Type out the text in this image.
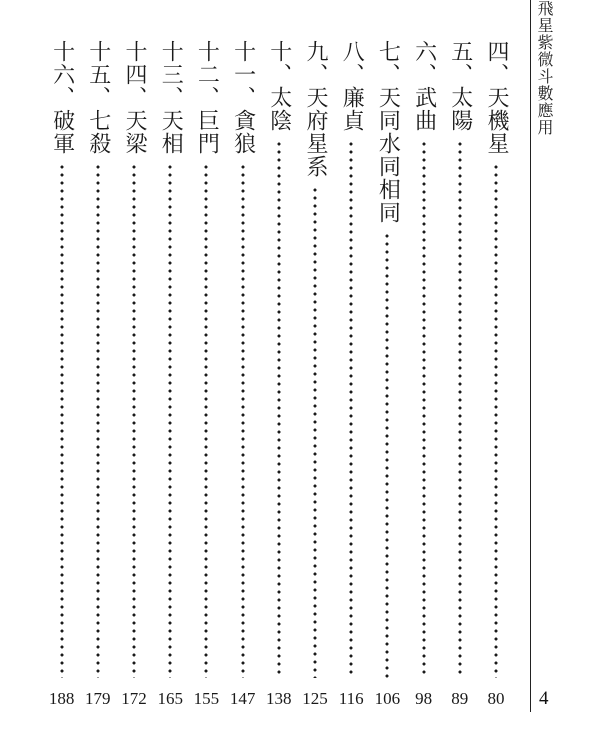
飛星紫微斗數應用
4
四、天機星
80
五、太陽
89
六、武曲
98
七、天同水同相同
106
八、廉貞
116
九、天府星系
125
十、太陰
138
十一、貪狼
147
十二、巨門
155
十三、天相
165
十四、天梁
172
十五、七殺
179
十六、破軍
188
